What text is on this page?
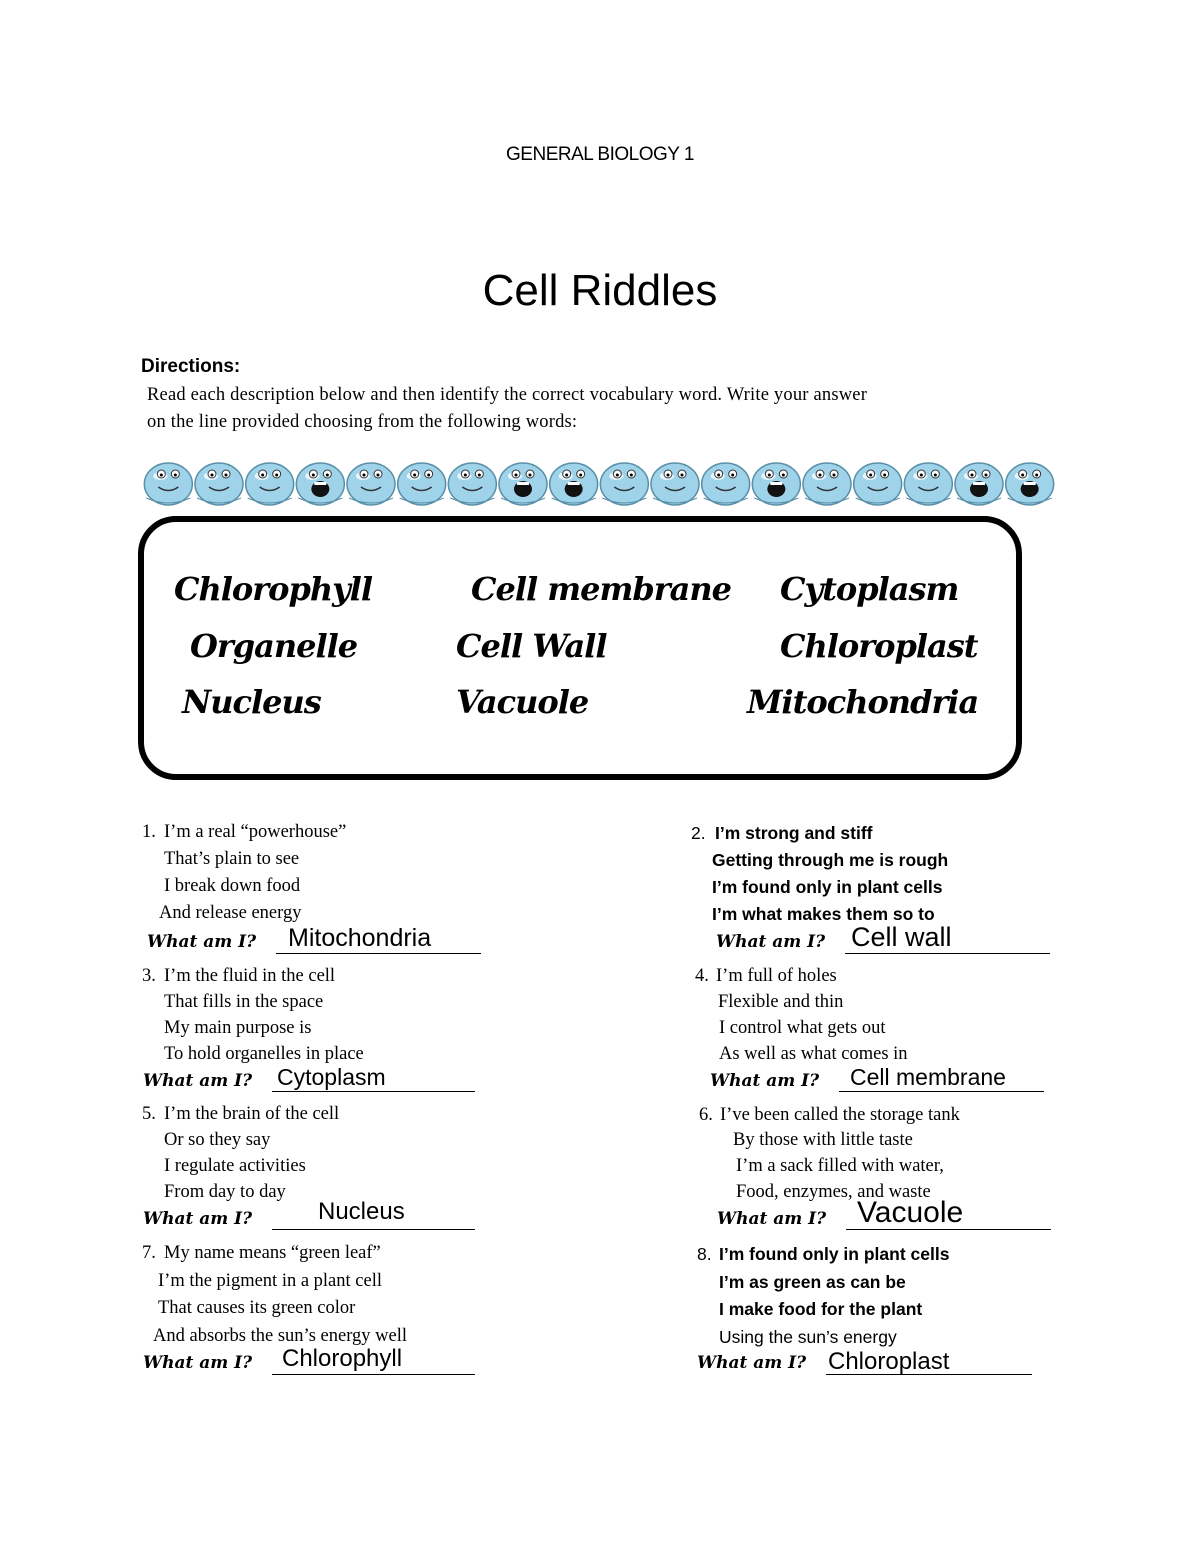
GENERAL BIOLOGY 1
Cell Riddles
Directions:
Read each description below and then identify the correct vocabulary word. Write your answer
on the line provided choosing from the following words:
Chlorophyll	Cell membrane Cytoplasm
Organelle	Cell Wall	Chloroplast
Nucleus	Vacuole	Mitochondria
1. I’m a real “powerhouse”
That’s plain to see
I break down food
And release energy
What am I? Mitochondria
2. I’m strong and stiff
Getting through me is rough
I’m found only in plant cells
I’m what makes them so to
What am I? Cell wall
3. I’m the fluid in the cell
That fills in the space
My main purpose is
To hold organelles in place
What am I? Cytoplasm
4. I’m full of holes
Flexible and thin
I control what gets out
As well as what comes in
What am I? Cell membrane
5. I’m the brain of the cell
Or so they say
I regulate activities
From day to day
What am I?	Nucleus
6. I’ve been called the storage tank
By those with little taste
I’m a sack filled with water,
Food, enzymes, and waste
What am I? Vacuole
7. My name means “green leaf”
I’m the pigment in a plant cell
That causes its green color
And absorbs the sun’s energy well
What am I? Chlorophyll
8. I’m found only in plant cells
I’m as green as can be
I make food for the plant
Using the sun’s energy
What am I? Chloroplast
